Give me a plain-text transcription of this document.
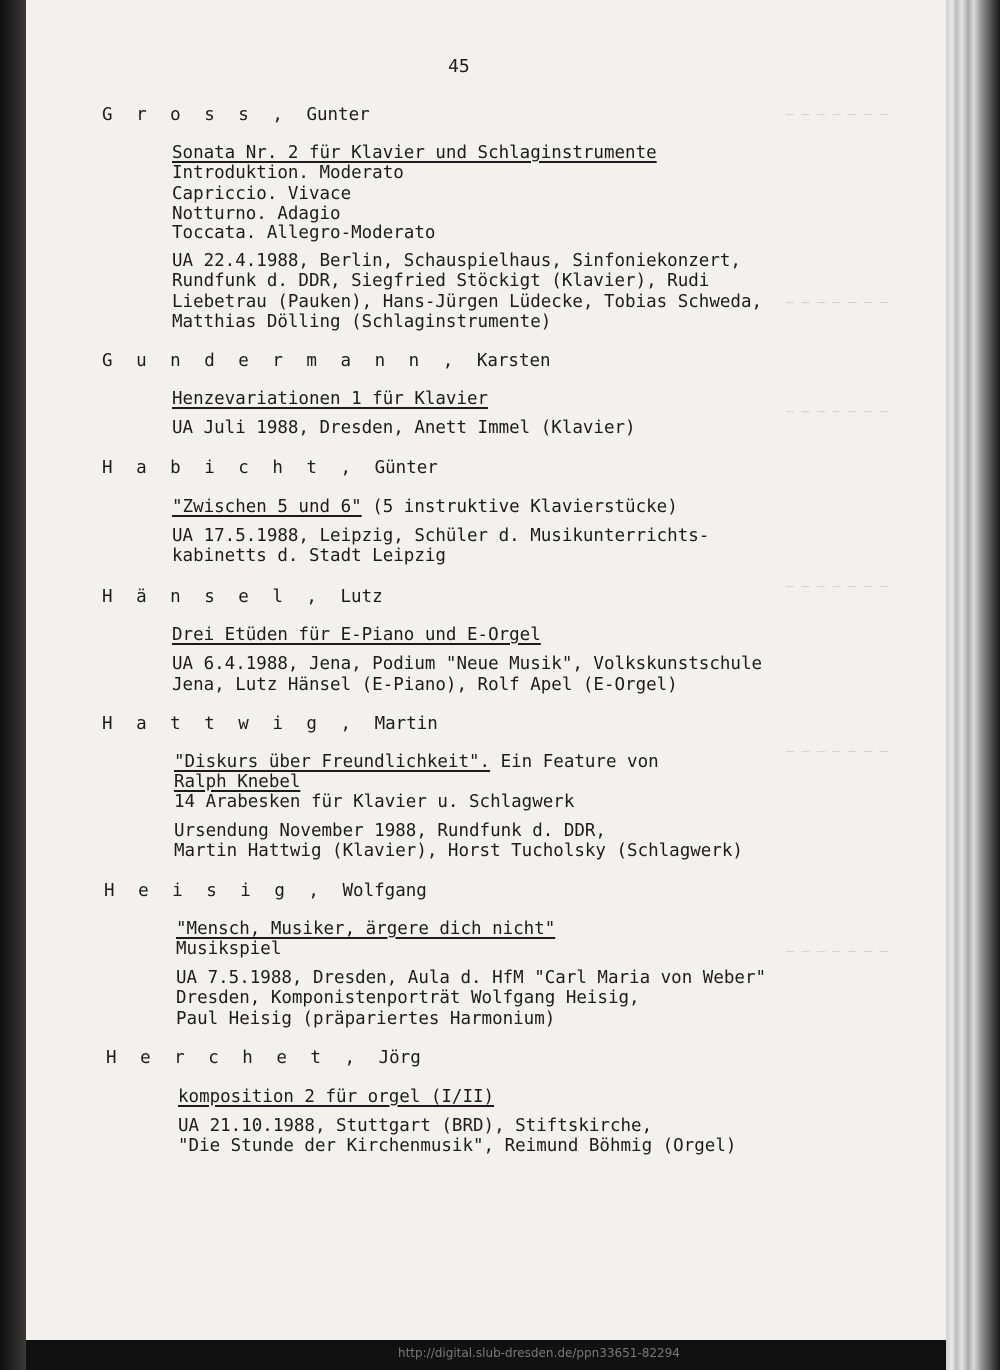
─ ─ ─ ─ ─ ─ ─
─ ─ ─ ─ ─ ─ ─
─ ─ ─ ─ ─ ─ ─
─ ─ ─ ─ ─ ─ ─
─ ─ ─ ─ ─ ─ ─
─ ─ ─ ─ ─ ─ ─
45
G r o s s , Gunter
Sonata Nr. 2 für Klavier und Schlaginstrumente
Introduktion. Moderato
Capriccio. Vivace
Notturno. Adagio
Toccata. Allegro-Moderato
UA 22.4.1988, Berlin, Schauspielhaus, Sinfoniekonzert,
Rundfunk d. DDR, Siegfried Stöckigt (Klavier), Rudi
Liebetrau (Pauken), Hans-Jürgen Lüdecke, Tobias Schweda,
Matthias Dölling (Schlaginstrumente)
G u n d e r m a n n , Karsten
Henzevariationen 1 für Klavier
UA Juli 1988, Dresden, Anett Immel (Klavier)
H a b i c h t , Günter
"Zwischen 5 und 6" (5 instruktive Klavierstücke)
UA 17.5.1988, Leipzig, Schüler d. Musikunterrichts-
kabinetts d. Stadt Leipzig
H ä n s e l , Lutz
Drei Etüden für E-Piano und E-Orgel
UA 6.4.1988, Jena, Podium "Neue Musik", Volkskunstschule
Jena, Lutz Hänsel (E-Piano), Rolf Apel (E-Orgel)
H a t t w i g , Martin
"Diskurs über Freundlichkeit". Ein Feature von
Ralph Knebel
14 Arabesken für Klavier u. Schlagwerk
Ursendung November 1988, Rundfunk d. DDR,
Martin Hattwig (Klavier), Horst Tucholsky (Schlagwerk)
H e i s i g , Wolfgang
"Mensch, Musiker, ärgere dich nicht"
Musikspiel
UA 7.5.1988, Dresden, Aula d. HfM "Carl Maria von Weber"
Dresden, Komponistenporträt Wolfgang Heisig,
Paul Heisig (präpariertes Harmonium)
H e r c h e t , Jörg
komposition 2 für orgel (I/II)
UA 21.10.1988, Stuttgart (BRD), Stiftskirche,
"Die Stunde der Kirchenmusik", Reimund Böhmig (Orgel)
http://digital.slub-dresden.de/ppn33651-82294
